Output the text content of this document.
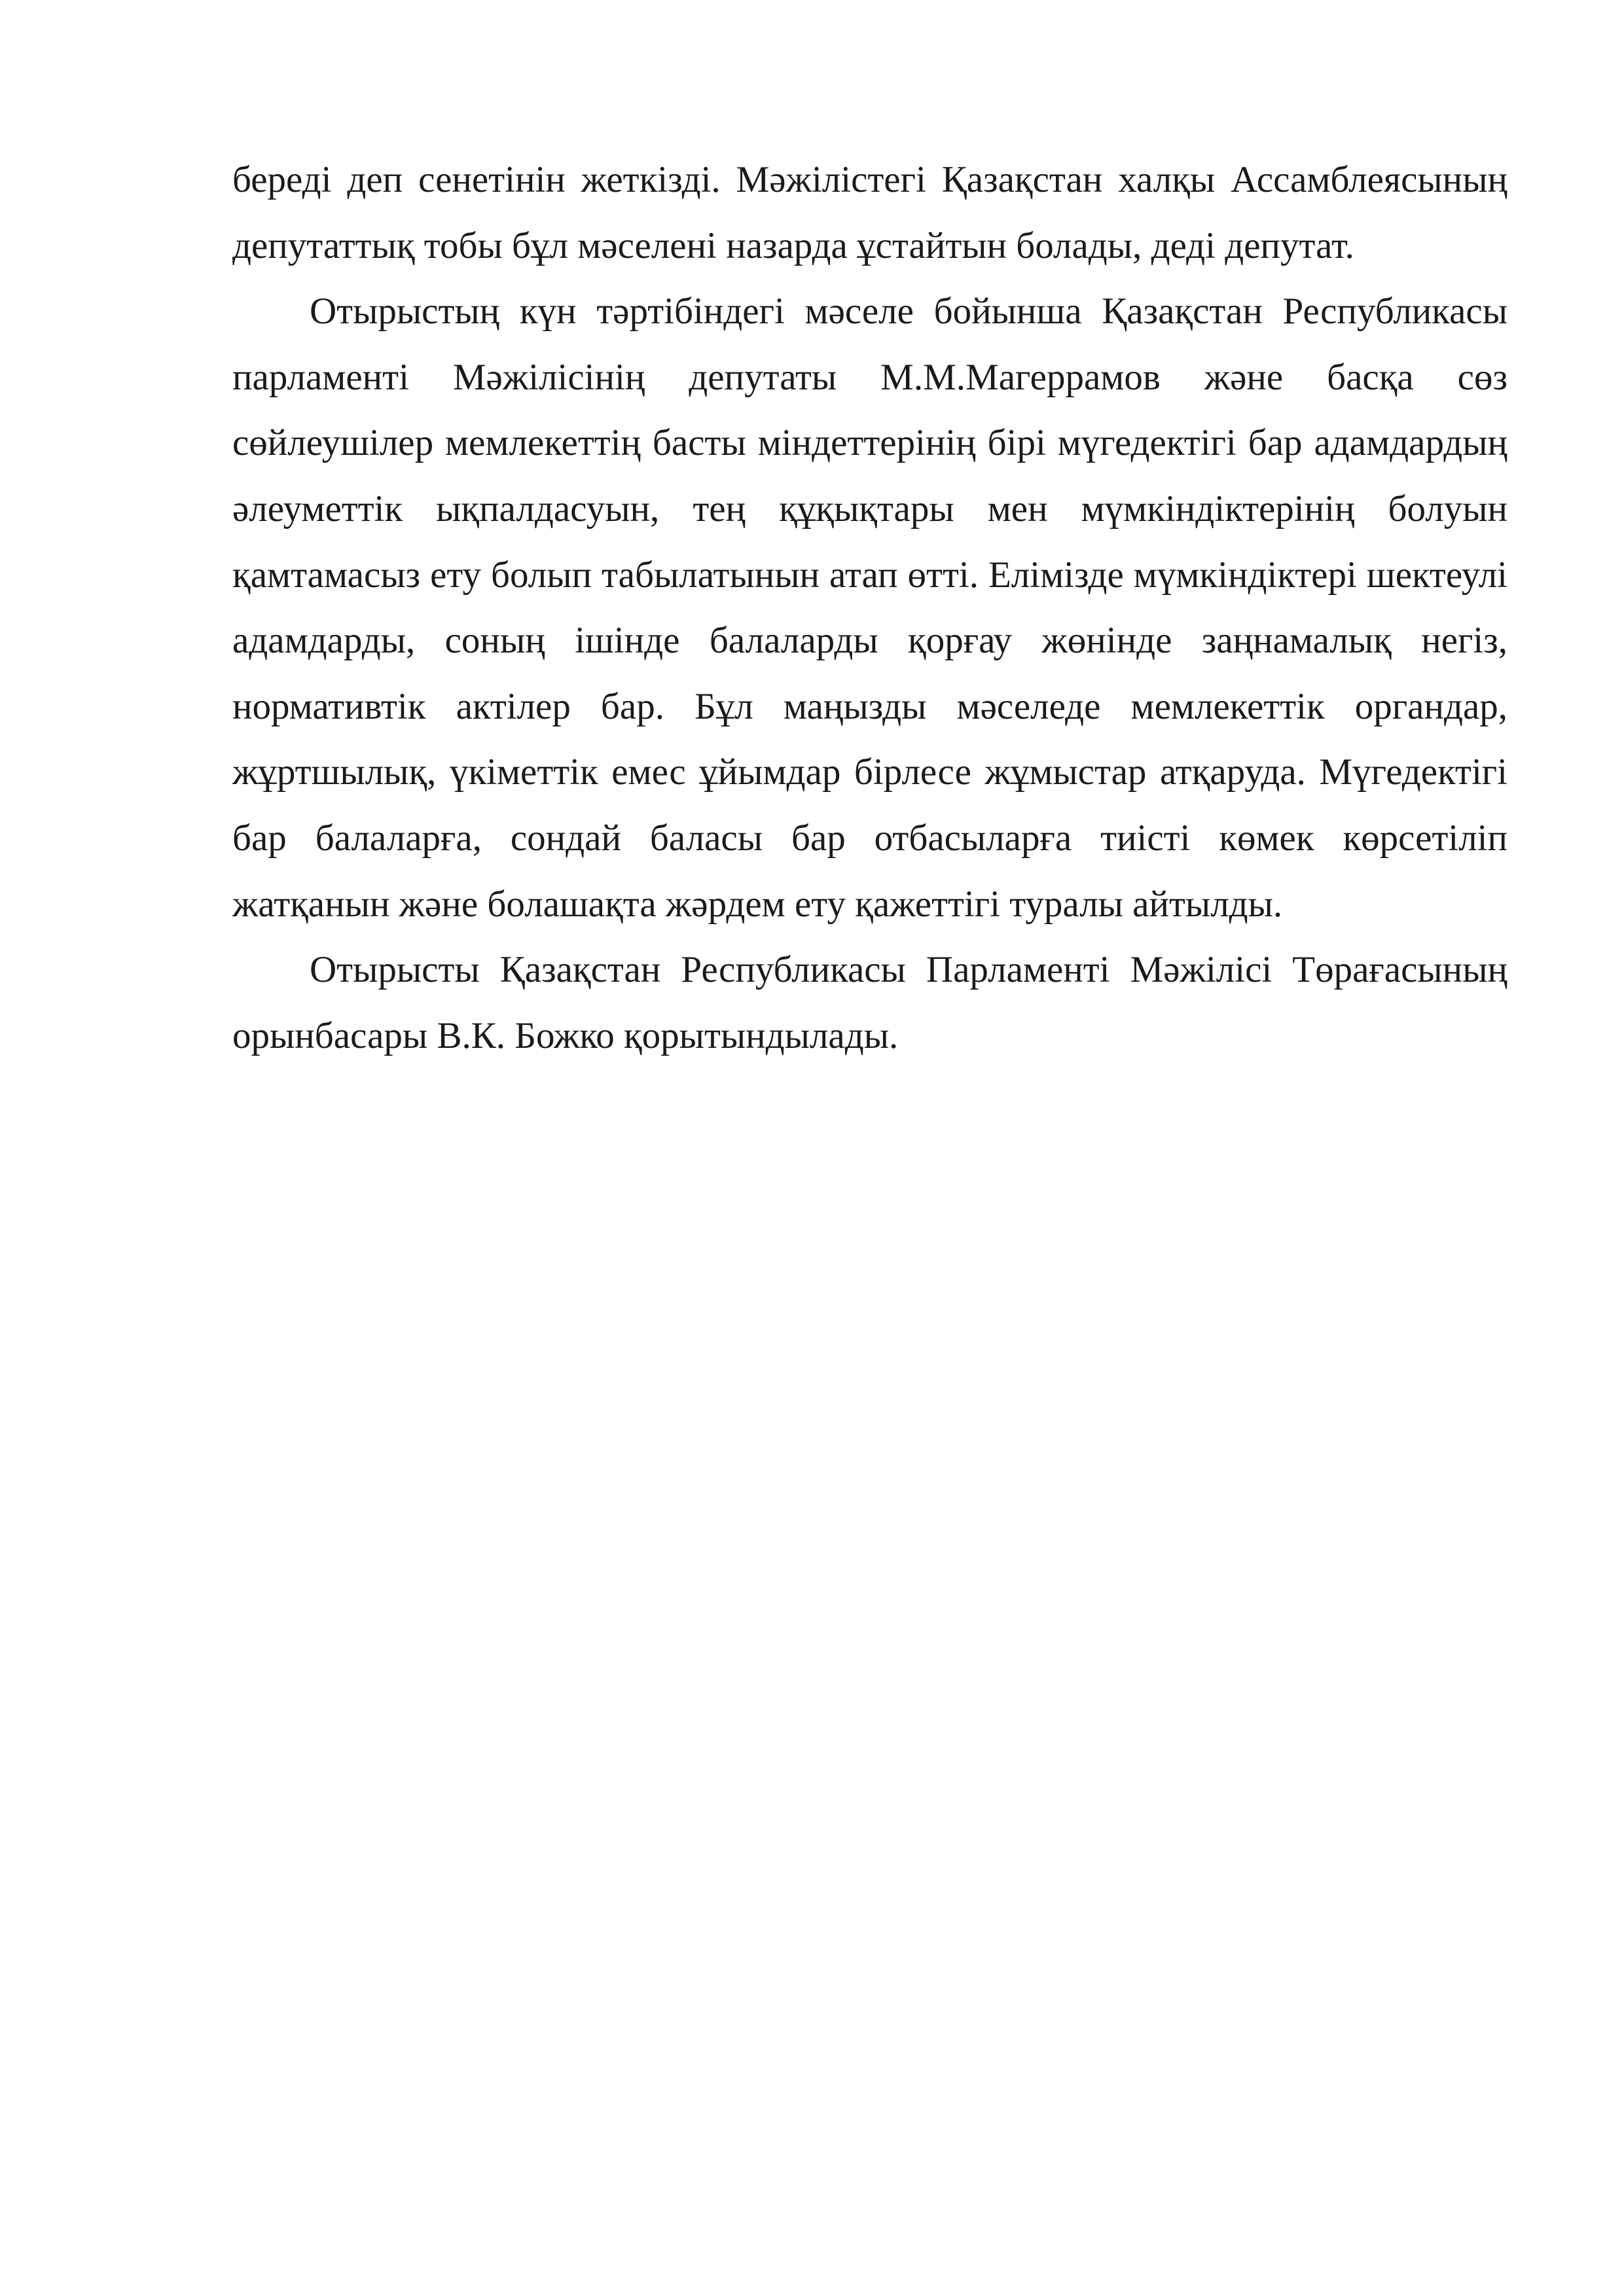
береді деп сенетінін жеткізді. Мәжілістегі Қазақстан халқы Ассамблеясының депутаттық тобы бұл мәселені назарда ұстайтын болады, деді депутат.

Отырыстың күн тәртібіндегі мәселе бойынша Қазақстан Республикасы парламенті Мәжілісінің депутаты М.М.Магеррамов және басқа сөз сөйлеушілер мемлекеттің басты міндеттерінің бірі мүгедектігі бар адамдардың әлеуметтік ықпалдасуын, тең құқықтары мен мүмкіндіктерінің болуын қамтамасыз ету болып табылатынын атап өтті. Елімізде мүмкіндіктері шектеулі адамдарды, соның ішінде балаларды қорғау жөнінде заңнамалық негіз, нормативтік актілер бар. Бұл маңызды мәселеде мемлекеттік органдар, жұртшылық, үкіметтік емес ұйымдар бірлесе жұмыстар атқаруда. Мүгедектігі бар балаларға, сондай баласы бар отбасыларға тиісті көмек көрсетіліп жатқанын және болашақта жәрдем ету қажеттігі туралы айтылды.

Отырысты Қазақстан Республикасы Парламенті Мәжілісі Төрағасының орынбасары В.К. Божко қорытындылады.
